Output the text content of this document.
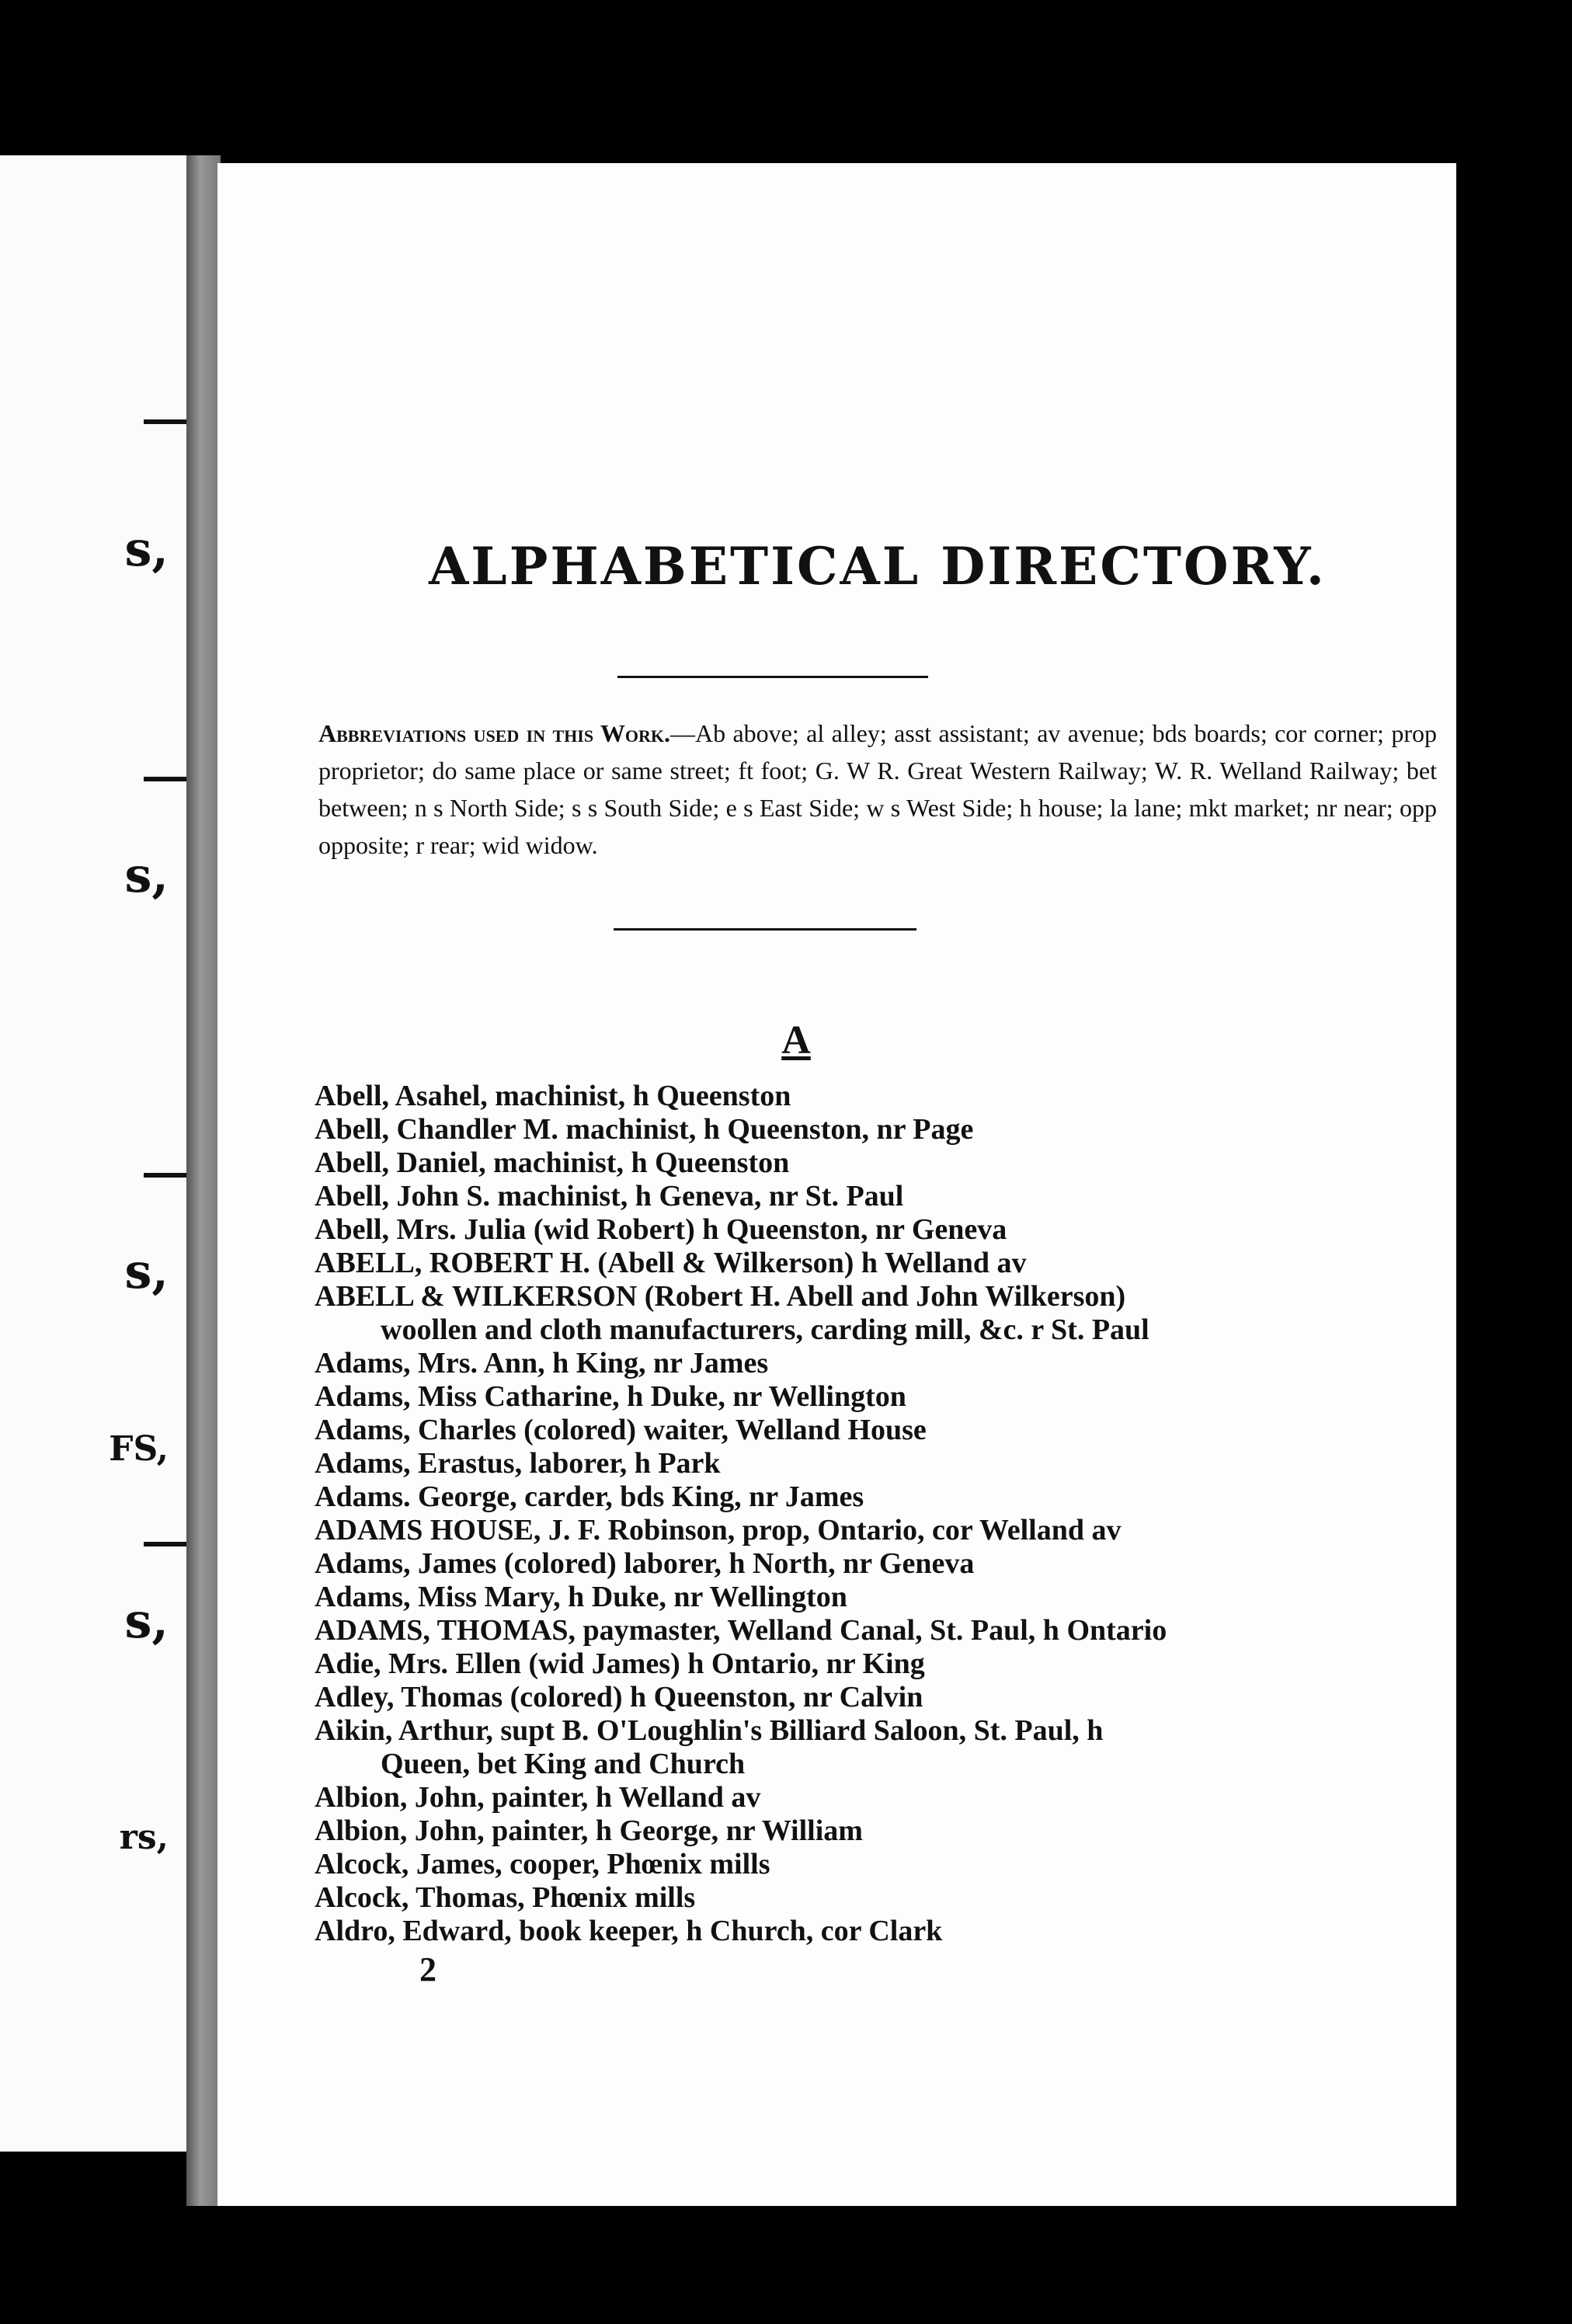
s,
s,
s,
FS,
s,
rs,
ALPHABETICAL DIRECTORY.
Abbreviations used in this Work.—Ab above; al alley; asst assistant; av avenue; bds boards; cor corner; prop proprietor; do same place or same street; ft foot; G. W R. Great Western Railway; W. R. Welland Railway; bet between; n s North Side; s s South Side; e s East Side; w s West Side; h house; la lane; mkt market; nr near; opp opposite; r rear; wid widow.
A
Abell, Asahel, machinist, h Queenston
Abell, Chandler M. machinist, h Queenston, nr Page
Abell, Daniel, machinist, h Queenston
Abell, John S. machinist, h Geneva, nr St. Paul
Abell, Mrs. Julia (wid Robert) h Queenston, nr Geneva
ABELL, ROBERT H. (Abell & Wilkerson) h Welland av
ABELL & WILKERSON (Robert H. Abell and John Wilkerson)
woollen and cloth manufacturers, carding mill, &c. r St. Paul
Adams, Mrs. Ann, h King, nr James
Adams, Miss Catharine, h Duke, nr Wellington
Adams, Charles (colored) waiter, Welland House
Adams, Erastus, laborer, h Park
Adams. George, carder, bds King, nr James
ADAMS HOUSE, J. F. Robinson, prop, Ontario, cor Welland av
Adams, James (colored) laborer, h North, nr Geneva
Adams, Miss Mary, h Duke, nr Wellington
ADAMS, THOMAS, paymaster, Welland Canal, St. Paul, h Ontario
Adie, Mrs. Ellen (wid James) h Ontario, nr King
Adley, Thomas (colored) h Queenston, nr Calvin
Aikin, Arthur, supt B. O'Loughlin's Billiard Saloon, St. Paul, h
Queen, bet King and Church
Albion, John, painter, h Welland av
Albion, John, painter, h George, nr William
Alcock, James, cooper, Phœnix mills
Alcock, Thomas, Phœnix mills
Aldro, Edward, book keeper, h Church, cor Clark
2
